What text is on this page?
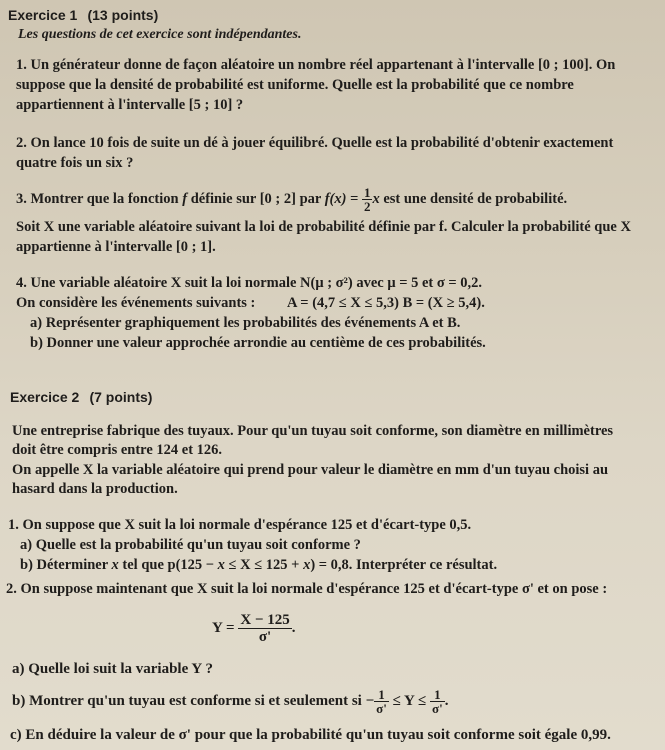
Exercice 1 (13 points)
Les questions de cet exercice sont indépendantes.
1. Un générateur donne de façon aléatoire un nombre réel appartenant à l'intervalle [0 ; 100]. On
suppose que la densité de probabilité est uniforme. Quelle est la probabilité que ce nombre
appartiennent à l'intervalle [5 ; 10] ?
2. On lance 10 fois de suite un dé à jouer équilibré. Quelle est la probabilité d'obtenir exactement
quatre fois un six ?
3. Montrer que la fonction f définie sur [0 ; 2] par $f(x) = \frac{1}{2}$ x est une densité de probabilité.
Soit X une variable aléatoire suivant la loi de probabilité définie par f. Calculer la probabilité que X
appartienne à l'intervalle [0 ; 1].
4. Une variable aléatoire X suit la loi normale N(μ ; σ²) avec μ = 5 et σ = 0,2.
On considère les événements suivants : A = (4,7 ≤ X ≤ 5,3) B = (X ≥ 5,4).
a) Représenter graphiquement les probabilités des événements A et B.
b) Donner une valeur approchée arrondie au centième de ces probabilités.
Exercice 2 (7 points)
Une entreprise fabrique des tuyaux. Pour qu'un tuyau soit conforme, son diamètre en millimètres
doit être compris entre 124 et 126.
On appelle X la variable aléatoire qui prend pour valeur le diamètre en mm d'un tuyau choisi au
hasard dans la production.
1. On suppose que X suit la loi normale d'espérance 125 et d'écart-type 0,5.
a) Quelle est la probabilité qu'un tuyau soit conforme ?
b) Déterminer x tel que p(125 − x ≤ X ≤ 125 + x) = 0,8. Interpréter ce résultat.
2. On suppose maintenant que X suit la loi normale d'espérance 125 et d'écart-type σ' et on pose :
$Y = \frac{X - 125}{\sigma'}$ .
a) Quelle loi suit la variable Y ?
b) Montrer qu'un tuyau est conforme si et seulement si − $\frac{1}{\sigma'} \le Y \le \frac{1}{\sigma'}$ .
c) En déduire la valeur de σ' pour que la probabilité qu'un tuyau soit conforme soit égale 0,99.
